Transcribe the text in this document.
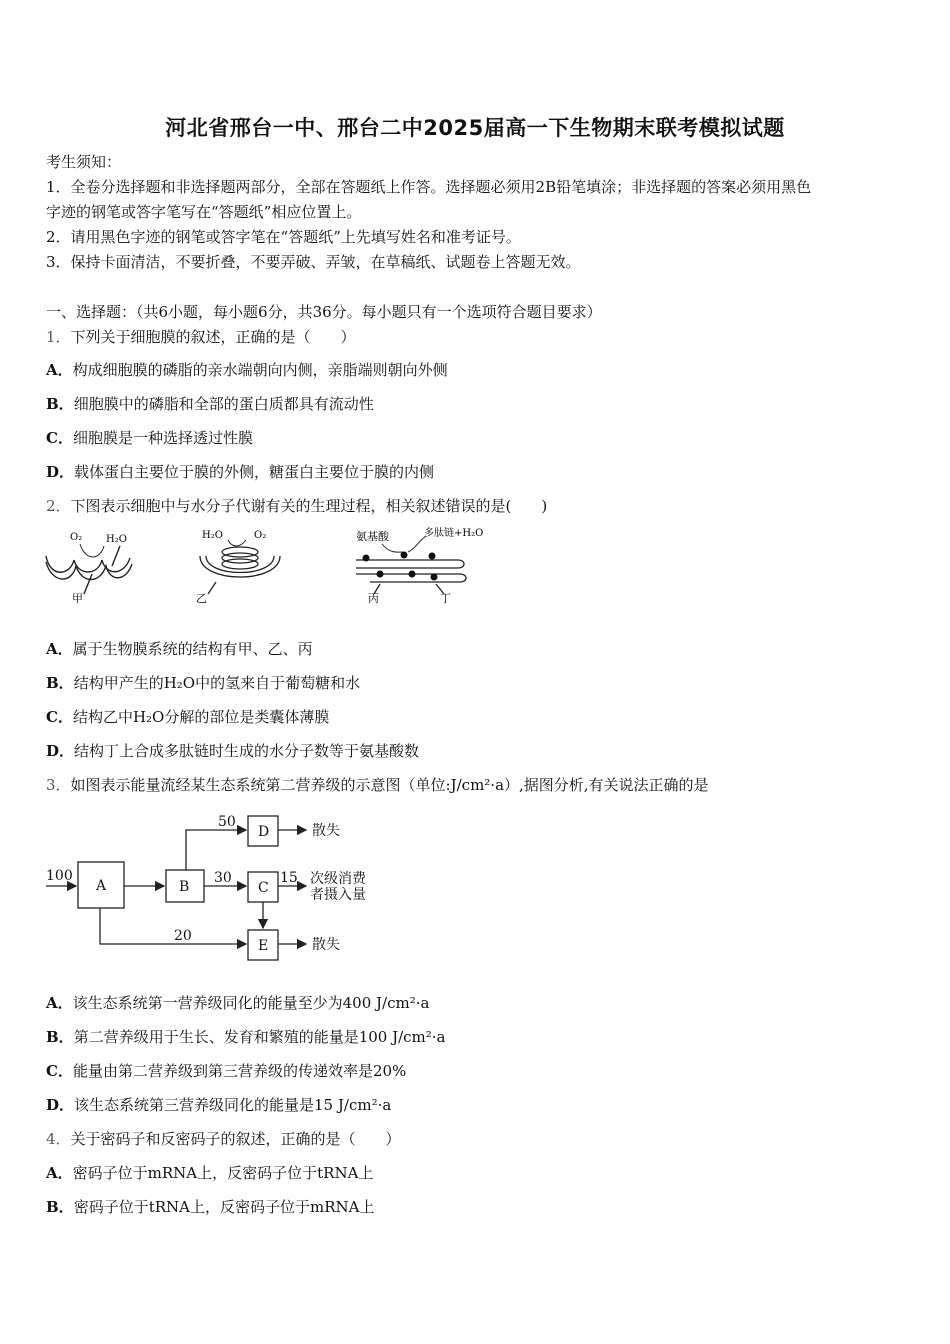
河北省邢台一中、邢台二中2025届高一下生物期末联考模拟试题
考生须知：
1．全卷分选择题和非选择题两部分，全部在答题纸上作答。选择题必须用2B铅笔填涂；非选择题的答案必须用黑色
字迹的钢笔或答字笔写在“答题纸”相应位置上。
2．请用黑色字迹的钢笔或答字笔在“答题纸”上先填写姓名和准考证号。
3．保持卡面清洁，不要折叠，不要弄破、弄皱，在草稿纸、试题卷上答题无效。
一、选择题：（共6小题，每小题6分，共36分。每小题只有一个选项符合题目要求）
1．下列关于细胞膜的叙述，正确的是（　　）
A．构成细胞膜的磷脂的亲水端朝向内侧，亲脂端则朝向外侧
B．细胞膜中的磷脂和全部的蛋白质都具有流动性
C．细胞膜是一种选择透过性膜
D．载体蛋白主要位于膜的外侧，糖蛋白主要位于膜的内侧
2．下图表示细胞中与水分子代谢有关的生理过程，相关叙述错误的是(　　)
O₂ H₂O
甲
H₂O	O₂
乙
氨基酸	多肽链+H₂O
丙	丁
A．属于生物膜系统的结构有甲、乙、丙
B．结构甲产生的H₂O中的氢来自于葡萄糖和水
C．结构乙中H₂O分解的部位是类囊体薄膜
D．结构丁上合成多肽链时生成的水分子数等于氨基酸数
3．如图表示能量流经某生态系统第二营养级的示意图（单位:J/cm²·a）,据图分析,有关说法正确的是
100
A	B
D
C
E
50
30	15
20
散失
散失
次级消费
者摄入量
A．该生态系统第一营养级同化的能量至少为400 J/cm²·a
B．第二营养级用于生长、发育和繁殖的能量是100 J/cm²·a
C．能量由第二营养级到第三营养级的传递效率是20%
D．该生态系统第三营养级同化的能量是15 J/cm²·a
4．关于密码子和反密码子的叙述，正确的是（　　）
A．密码子位于mRNA上，反密码子位于tRNA上
B．密码子位于tRNA上，反密码子位于mRNA上
